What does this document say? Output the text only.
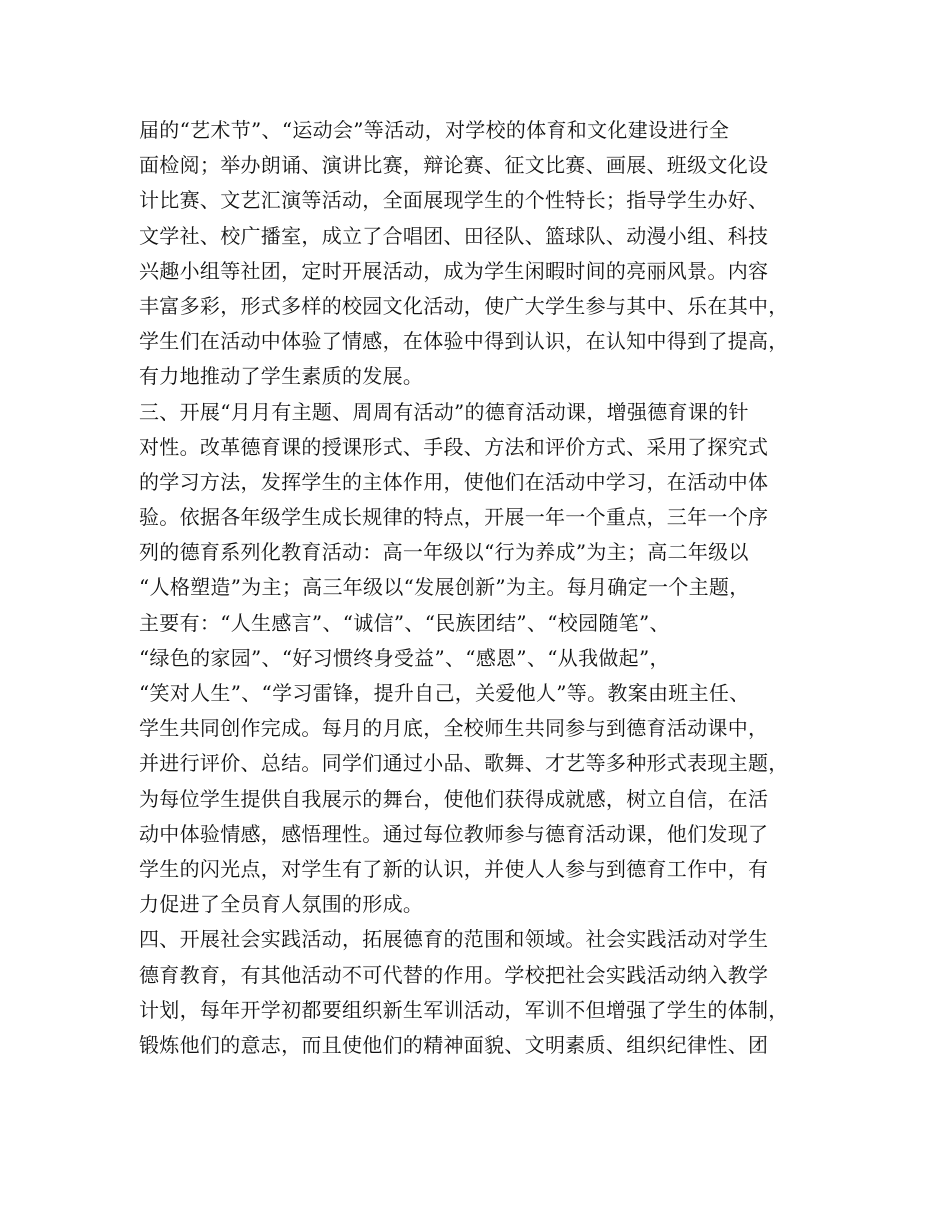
届的“艺术节”、“运动会”等活动，对学校的体育和文化建设进行全
面检阅；举办朗诵、演讲比赛，辩论赛、征文比赛、画展、班级文化设
计比赛、文艺汇演等活动，全面展现学生的个性特长；指导学生办好、
文学社、校广播室，成立了合唱团、田径队、篮球队、动漫小组、科技
兴趣小组等社团，定时开展活动，成为学生闲暇时间的亮丽风景。内容
丰富多彩，形式多样的校园文化活动，使广大学生参与其中、乐在其中，
学生们在活动中体验了情感，在体验中得到认识，在认知中得到了提高，
有力地推动了学生素质的发展。
三、开展“月月有主题、周周有活动”的德育活动课，增强德育课的针
对性。改革德育课的授课形式、手段、方法和评价方式、采用了探究式
的学习方法，发挥学生的主体作用，使他们在活动中学习，在活动中体
验。依据各年级学生成长规律的特点，开展一年一个重点，三年一个序
列的德育系列化教育活动：高一年级以“行为养成”为主；高二年级以
“人格塑造”为主；高三年级以“发展创新”为主。每月确定一个主题，
主要有：“人生感言”、“诚信”、“民族团结”、“校园随笔”、
“绿色的家园”、“好习惯终身受益”、“感恩”、“从我做起”，
“笑对人生”、“学习雷锋，提升自己，关爱他人”等。教案由班主任、
学生共同创作完成。每月的月底，全校师生共同参与到德育活动课中，
并进行评价、总结。同学们通过小品、歌舞、才艺等多种形式表现主题，
为每位学生提供自我展示的舞台，使他们获得成就感，树立自信，在活
动中体验情感，感悟理性。通过每位教师参与德育活动课，他们发现了
学生的闪光点，对学生有了新的认识，并使人人参与到德育工作中，有
力促进了全员育人氛围的形成。
四、开展社会实践活动，拓展德育的范围和领域。社会实践活动对学生
德育教育，有其他活动不可代替的作用。学校把社会实践活动纳入教学
计划，每年开学初都要组织新生军训活动，军训不但增强了学生的体制，
锻炼他们的意志，而且使他们的精神面貌、文明素质、组织纪律性、团
